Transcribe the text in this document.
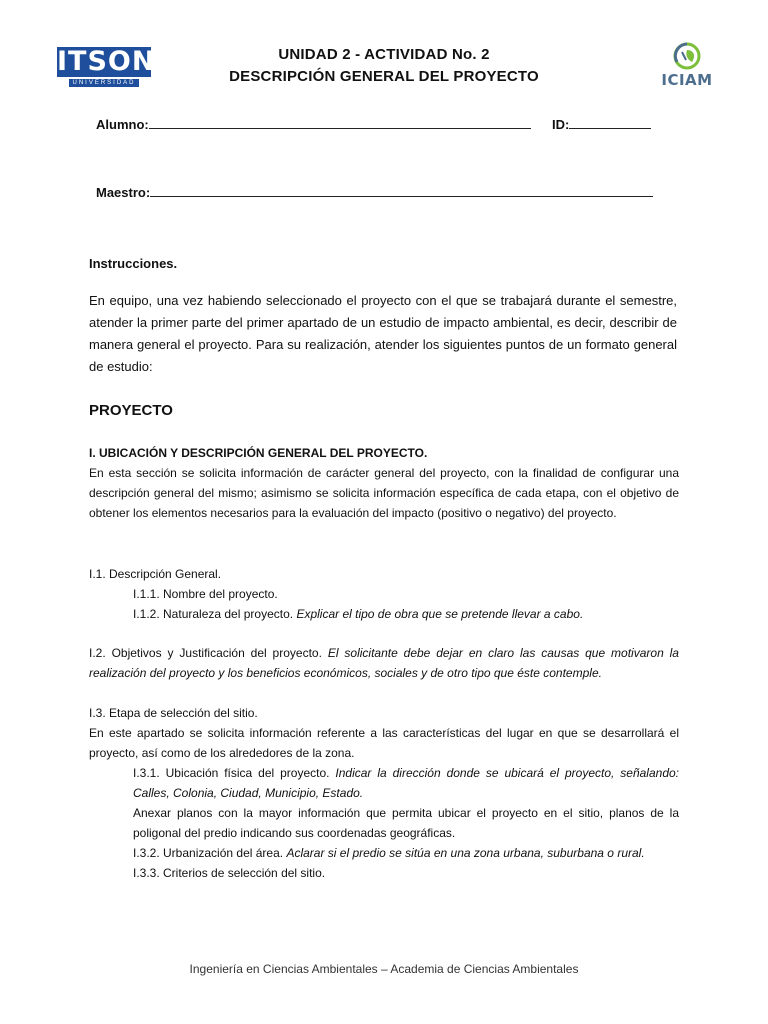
ITSON
UNIVERSIDAD	ICIAM
UNIDAD 2 - ACTIVIDAD No. 2
DESCRIPCIÓN GENERAL DEL PROYECTO
Alumno:	ID:
Maestro:
Instrucciones.
En equipo, una vez habiendo seleccionado el proyecto con el que se trabajará durante el semestre, atender la primer parte del primer apartado de un estudio de impacto ambiental, es decir, describir de manera general el proyecto. Para su realización, atender los siguientes puntos de un formato general de estudio:
PROYECTO
I. UBICACIÓN Y DESCRIPCIÓN GENERAL DEL PROYECTO.
En esta sección se solicita información de carácter general del proyecto, con la finalidad de configurar una descripción general del mismo; asimismo se solicita información específica de cada etapa, con el objetivo de obtener los elementos necesarios para la evaluación del impacto (positivo o negativo) del proyecto.
I.1. Descripción General.
I.1.1. Nombre del proyecto.
I.1.2. Naturaleza del proyecto. Explicar el tipo de obra que se pretende llevar a cabo.
I.2. Objetivos y Justificación del proyecto. El solicitante debe dejar en claro las causas que motivaron la realización del proyecto y los beneficios económicos, sociales y de otro tipo que éste contemple.
I.3. Etapa de selección del sitio.
En este apartado se solicita información referente a las características del lugar en que se desarrollará el proyecto, así como de los alrededores de la zona.
I.3.1. Ubicación física del proyecto. Indicar la dirección donde se ubicará el proyecto, señalando: Calles, Colonia, Ciudad, Municipio, Estado.
Anexar planos con la mayor información que permita ubicar el proyecto en el sitio, planos de la poligonal del predio indicando sus coordenadas geográficas.
I.3.2. Urbanización del área. Aclarar si el predio se sitúa en una zona urbana, suburbana o rural.
I.3.3. Criterios de selección del sitio.
Ingeniería en Ciencias Ambientales – Academia de Ciencias Ambientales
